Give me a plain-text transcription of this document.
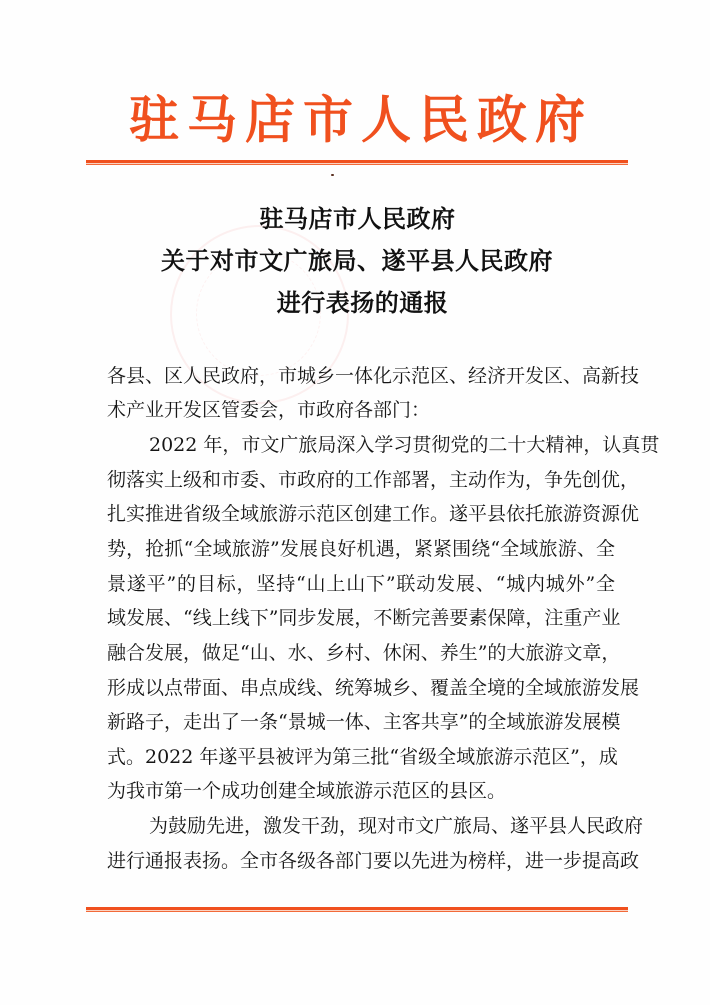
驻马店市人民政府
驻马店市人民政府
关于对市文广旅局、遂平县人民政府
进行表扬的通报
各县、区人民政府，市城乡一体化示范区、经济开发区、高新技
术产业开发区管委会，市政府各部门：
2022 年，市文广旅局深入学习贯彻党的二十大精神，认真贯
彻落实上级和市委、市政府的工作部署，主动作为，争先创优，
扎实推进省级全域旅游示范区创建工作。遂平县依托旅游资源优
势，抢抓“全域旅游”发展良好机遇，紧紧围绕“全域旅游、全
景遂平”的目标，坚持“山上山下”联动发展、“城内城外”全
域发展、“线上线下”同步发展，不断完善要素保障，注重产业
融合发展，做足“山、水、乡村、休闲、养生”的大旅游文章，
形成以点带面、串点成线、统筹城乡、覆盖全境的全域旅游发展
新路子，走出了一条“景城一体、主客共享”的全域旅游发展模
式。2022 年遂平县被评为第三批“省级全域旅游示范区”，成
为我市第一个成功创建全域旅游示范区的县区。
为鼓励先进，激发干劲，现对市文广旅局、遂平县人民政府
进行通报表扬。全市各级各部门要以先进为榜样，进一步提高政
